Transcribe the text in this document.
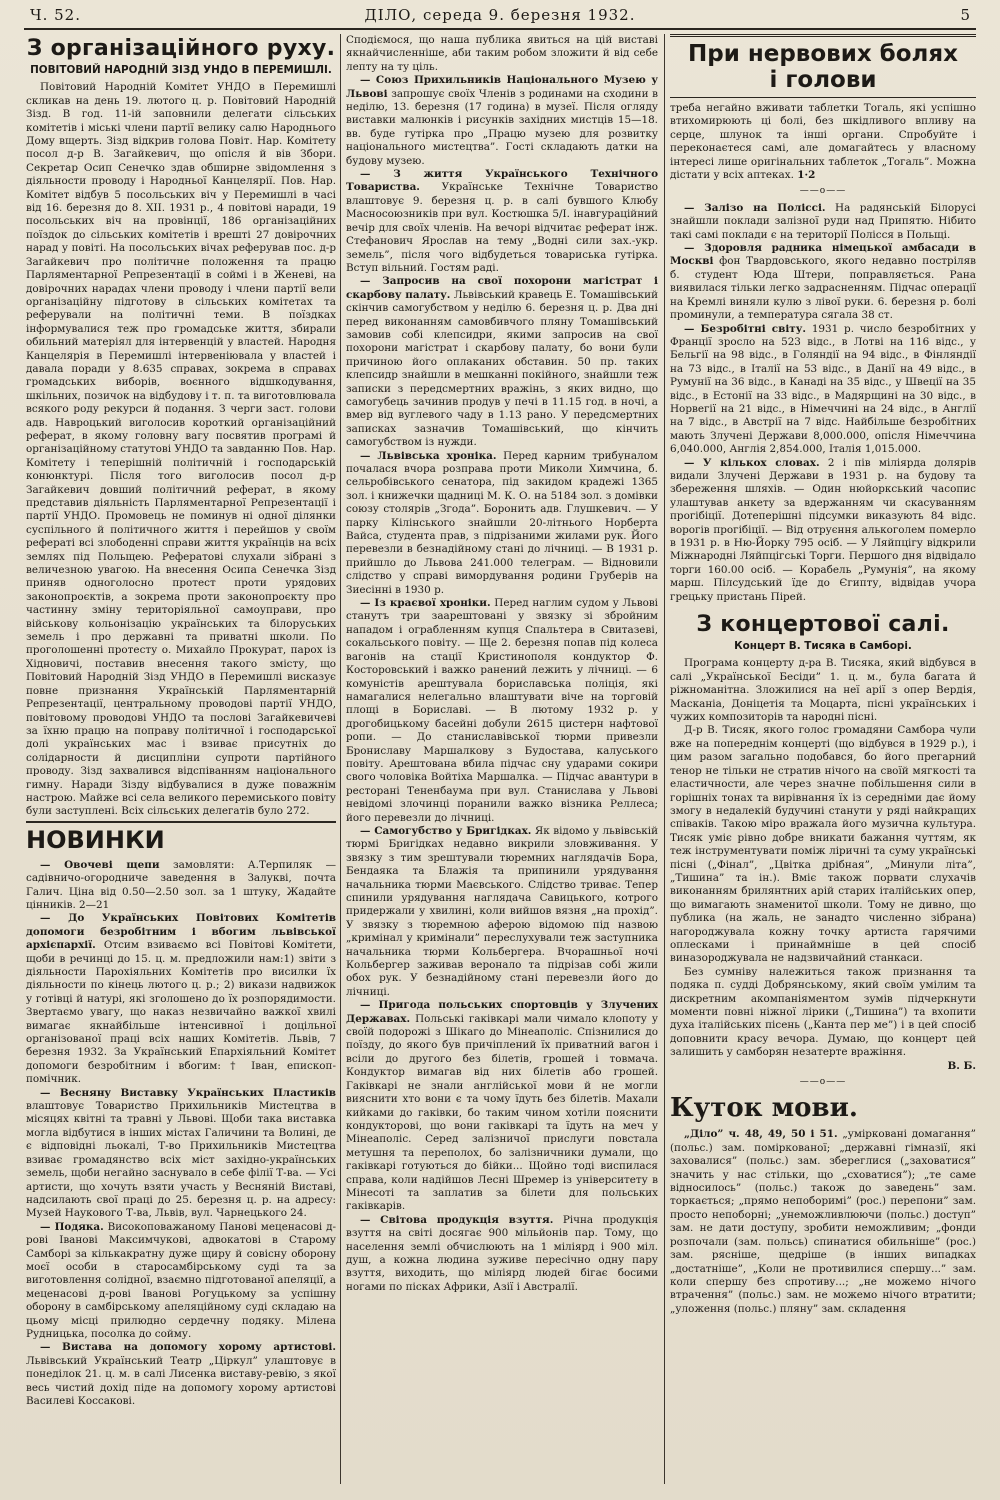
Ч. 52.	ДІЛО, середа 9. березня 1932.	5
З організаційного руху.
ПОВІТОВИЙ НАРОДНІЙ ЗІЗД УНДО В ПЕРЕМИШЛІ.

Повітовий Народній Комітет УНДО в Перемишлі скликав на день 19. лютого ц. р. Повітовий Народній Зізд. В год. 11-ій заповнили делегати сільських комітетів і міські члени партії велику салю Народнього Дому вщерть. Зізд відкрив голова Повіт. Нар. Комітету посол д-р В. Загайкевич, що опісля й вів Збори. Секретар Осип Сенечко здав обширне звідомлення з діяльности проводу і Народньої Канцелярії. Пов. Нар. Комітет відбув 5 посольських віч у Перемишлі в часі від 16. березня до 8. XII. 1931 р., 4 повітові наради, 19 посольських віч на провінції, 186 організаційних поїздок до сільських комітетів і врешті 27 довірочних нарад у повіті. На посольських вічах реферував пос. д-р Загайкевич про політичне положення та працю Парляментарної Репрезентації в соймі і в Женеві, на довірочних нарадах члени проводу і члени партії вели організаційну підготову в сільських комітетах та реферували на політичні теми. В поїздках інформувалися теж про громадське життя, збирали обильний матеріял для інтервенцій у властей. Народня Канцелярія в Перемишлі інтервеніювала у властей і давала поради у 8.635 справах, зокрема в справах громадських виборів, воєнного відшкодування, шкільних, позичок на відбудову і т. п. та виготовлювала всякого роду рекурси й подання. З черги заст. голови адв. Навроцький виголосив короткий організаційний реферат, в якому головну вагу посвятив програмі й організаційному статутові УНДО та завданню Пов. Нар. Комітету і теперішній політичній і господарській конюнктурі. Після того виголосив посол д-р Загайкевич довший політичний реферат, в якому представив діяльність Парляментарної Репрезентації і партії УНДО. Промовець не поминув ні одної ділянки суспільного й політичного життя і перейшов у своїм рефераті всі злободенні справи життя українців на всіх землях під Польщею. Рефератові слухали зібрані з величезною увагою. На внесення Осипа Сенечка Зізд приняв одноголосно протест проти урядових законопроєктів, а зокрема проти законопроєкту про частинну зміну територіяльної самоуправи, про військову кольонізацію українських та білоруських земель і про державні та приватні школи. По проголошенні протесту о. Михайло Прокурат, парох із Хідновичі, поставив внесення такого змісту, що Повітовий Народній Зізд УНДО в Перемишлі висказує повне признання Українській Парляментарній Репрезентації, центральному проводові партії УНДО, повітовому проводові УНДО та послові Загайкевичеві за їхню працю на поправу політичної і господарської долі українських мас і взиває присутніх до солідарности й дисципліни супроти партійного проводу. Зізд захвалився відспіванням національного гимну. Наради Зізду відбувалися в дуже поважнім настрою. Майже всі села великого перемиського повіту були заступлені. Всіх сільських делегатів було 272.

НОВИНКИ

— Овочеві щепи замовляти: А.Терпиляк — садівничо-огородниче заведення в Залукві, почта Галич. Ціна від 0.50—2.50 зол. за 1 штуку, Жадайте цінників. 2—21

— До Українських Повітових Комітетів допомоги безробітним і вбогим львівської архієпархії. Отсим взиваємо всі Повітові Комітети, щоби в речинці до 15. ц. м. предложили нам:1) звіти з діяльности Парохіяльних Комітетів про висилки їх діяльности по кінець лютого ц. р.; 2) викази надвижок у готівці й натурі, які зголошено до їх розпорядимости. Звертаємо увагу, що наказ незвичайно важкої хвилі вимагає якнайбільше інтенсивної і доцільної організованої праці всіх наших Комітетів. Львів, 7 березня 1932. За Український Епархіяльний Комітет допомоги безробітним і вбогим: † Іван, епископ-помічник.

— Весняну Виставку Українських Пластиків влаштовує Товариство Прихильників Мистецтва в місяцях квітні та травні у Львові. Щоби така виставка могла відбутися в інших містах Галичини та Волині, де є відповідні льокалі, Т-во Прихильників Мистецтва взиває громадянство всіх міст західно-українських земель, щоби негайно заснувало в себе філії Т-ва. — Усі артисти, що хочуть взяти участь у Весняній Виставі, надсилають свої праці до 25. березня ц. р. на адресу: Музей Наукового Т-ва, Львів, вул. Чарнецького 24.

— Подяка. Високоповажаному Панові меценасові д-рові Іванові Максимчукові, адвокатові в Старому Самборі за кількакратну дуже щиру й совісну оборону моєї особи в старосамбірському суді та за виготовлення солідної, взаємно підготованої апеляції, а меценасові д-рові Іванові Рогуцькому за успішну оборону в самбірському апеляційному суді складаю на цьому місці прилюдно сердечну подяку. Мілена Рудницька, посолка до сойму.

— Вистава на допомогу хорому артистові. Львівський Український Театр „Ціркул” улаштовує в понеділок 21. ц. м. в салі Лисенка виставу-ревію, з якої весь чистий дохід піде на допомогу хорому артистові Василеві Коссаковi.

Сподіємося, що наша публика явиться на цій виставі якнайчисленніше, аби таким робом зложити й від себе лепту на ту ціль.

— Союз Прихильників Національного Музею у Львові запрошує своїх Членів з родинами на сходини в неділю, 13. березня (17 година) в музеї. Після огляду виставки малюнків і рисунків західних мистців 15—18. вв. буде гутірка про „Працю музею для розвитку національного мистецтва”. Гості складають датки на будову музею.

— З життя Українського Технічного Товариства. Українське Технічне Товариство влаштовує 9. березня ц. р. в салі бувшого Клюбу Масносоюзників при вул. Костюшка 5/І. інавгураційний вечір для своїх членів. На вечорі відчитає реферат інж. Стефанович Ярослав на тему „Водні сили зах.-укр. земель”, після чого відбудеться товариська гутірка. Вступ вільний. Гостям раді.

— Запросив на свої похорони магістрат і скарбову палату. Львівський кравець Е. Томашівський скінчив самогубством у неділю 6. березня ц. р. Два дні перед виконанням самовбивчого пляну Томашівський замовив собі клепсидри, якими запросив на свої похорони магістрат і скарбову палату, бо вони були причиною його оплаканих обставин. 50 пр. таких клепсидр знайшли в мешканні покійного, знайшли теж записки з передсмертних вражінь, з яких видно, що самогубець зачинив продув у печі в 11.15 год. в ночі, а вмер від вуглевого чаду в 1.13 рано. У передсмертних записках зазначив Томашівський, що кінчить самогубством із нужди.

— Львівська хроніка. Перед карним трибуналом почалася вчора розправа проти Миколи Химчина, б. сельробівського сенатора, під закидом крадежі 1365 зол. і книжечки щадниці М. К. О. на 5184 зол. з домівки союзу столярів „Згода”. Боронить адв. Глушкевич. — У парку Кілінського знайшли 20-літнього Норберта Вайса, студента прав, з підрізаними жилами рук. Його перевезли в безнадійному стані до лічниці. — В 1931 р. прийшло до Львова 241.000 телеграм. — Відновили слідство у справі вимордування родини Груберів на Зиесінні в 1930 р.

— Із краєвої хроніки. Перед наглим судом у Львові станутъ три заарештовані у звязку зі збройним нападом і ограбленням купця Спальтера в Свитазеві, сокальського повіту. — Ще 2. березня попав під колеса вагонів на стації Кристинополя кондуктор Ф. Косторовський і важко ранений лежить у лічниці. — 6 комуністів арештувала бориславська поліція, які намагалися нелегально влаштувати віче на торговій площі в Бориславі. — В лютому 1932 р. у дрогобицькому басейні добули 2615 цистерн нафтової ропи. — До станиславівської тюрми привезли Брониславу Маршалкову з Будостава, калуського повіту. Арештована вбила підчас сну ударами сокири свого чоловіка Войтіха Маршалка. — Підчас авантури в ресторані Тененбаума при вул. Станислава у Львові невідомі злочинці поранили важко візника Реллеса; його перевезли до лічниці.

— Самогубство у Бригідках. Як відомо у львівській тюрмі Бригідках недавно викрили зловживання. У звязку з тим зрештували тюремних наглядачів Бора, Бендаяка та Блажія та припинили урядування начальника тюрми Маєвського. Слідство триває. Тепер спинили урядування наглядача Савицького, котрого придержали у хвилині, коли вийшов вязня „на прохід”. У звязку з тюремною аферою відомою під назвою „кримінал у кримінали” переслухували теж заступника начальника тюрми Кольбергера. Вчорашньої ночі Кольбергер заживав веронало та підрізав собі жили обох рук. У безнадійному стані перевезли його до лічниці.

— Пригода польських спортовців у Злучених Державах. Польські гаківкарі мали чимало клопоту у своїй подорожі з Шікаго до Мінеаполіс. Спізнилися до поїзду, до якого був причіплений їх приватний вагон і всіли до другого без білетів, грошей і товмача. Кондуктор вимагав від них білетів або грошей. Гаківкарі не знали англійської мови й не могли вияснити хто вони є та чому їдуть без білетів. Махали кийками до гаківки, бо таким чином хотіли пояснити кондукторові, що вони гаківкарі та їдуть на меч у Мінеаполіс. Серед залізничої прислуги повстала метушня та переполох, бо залізничники думали, що гаківкарі готуються до бійки... Щойно тоді виспилася справа, коли надійшов Лесні Шремер із університету в Мінесоті та заплатив за білети для польських гаківкарів.

— Світова продукція взуття. Річна продукція взуття на світі досягає 900 мільйонів пар. Тому, що населення землі обчислюють на 1 міліярд і 900 міл. душ, а кожна людина зуживе пересічно одну пару взуття, виходить, що міліярд людей бігає босими ногами по пісках Африки, Азії і Австралії.

При нервових болях
і голови

треба негайно вживати таблетки Тогаль, які успішно втихомирюють ці болі, без шкідливого впливу на серце, шлунок та інші органи. Спробуйте і переконаєтеся самі, але домагайтесь у власному інтересі лише оригінальних таблеток „Тогаль”. Можна дістати у всіх аптеках. 1·2

——o——

— Залізо на Поліссі. На радянській Білорусі знайшли поклади залізної руди над Припятю. Нібито такі самі поклади є на території Полісся в Польщі.

— Здоровля радника німецької амбасади в Москві фон Твардовського, якого недавно постріляв б. студент Юда Штери, поправляється. Рана виявилася тільки легко задрасненням. Підчас операції на Кремлі виняли кулю з лівої руки. 6. березня р. болі проминули, а температура сягала 38 ст.

— Безробітні світу. 1931 р. число безробітних у Франції зросло на 523 відс., в Лотві на 116 відс., у Бельгії на 98 відс., в Голяндії на 94 відс., в Фінляндії на 73 відс., в Італії на 53 відс., в Данії на 49 відс., в Румунії на 36 відс., в Канаді на 35 відс., у Швеції на 35 відс., в Естонії на 33 відс., в Мадярщині на 30 відс., в Норвегії на 21 відс., в Німеччині на 24 відс., в Англії на 7 відс., в Австрії на 7 відс. Найбільше безробітних мають Злучені Держави 8,000.000, опісля Німеччина 6,040.000, Англія 2,854.000, Італія 1,015.000.

— У кількох словах. 2 і пів міліярда долярів видали Злучені Держави в 1931 р. на будову та збереження шляхів. — Один нюйоркський часопис улаштував анкету за вдержанням чи скасуванням прогібіції. Дотеперішні підсумки виказують 84 відс. ворогів прогібіції. — Від отруєння алькоголем померло в 1931 р. в Ню-Йорку 795 осіб. — У Ляйпцігу відкрили Міжнародні Ляйпцігські Торги. Першого дня відвідало торги 160.00 осіб. — Корабель „Румунія”, на якому марш. Пілсудський їде до Єгипту, відвідав учора грецьку пристань Пірей.

З концертової салі.
Концерт В. Тисяка в Самборі.

Програма концерту д-ра В. Тисяка, який відбувся в салі „Української Бесіди” 1. ц. м., була багата й ріжноманітна. Зложилися на неї арії з опер Вердія, Масканіа, Доніцетія та Моцарта, пісні українських і чужих композиторів та народні пісні.

Д-р В. Тисяк, якого голос громадяни Самбора чули вже на попереднім концерті (що відбувся в 1929 р.), і цим разом загально подобався, бо його прегарний тенор не тільки не стратив нічого на своїй мягкості та еластичности, але через значне побільшення сили в горішніх тонах та вирівнання їх із середніми дає йому змогу в недалекій будучині станути у ряді найкращих співаків. Такою міро вражала його музична культура. Тисяк уміє рівно добре вникати бажання чуттям, як теж інструментувати поміж ліричні та суму українські пісні („Фінал”, „Цвітка дрібная”, „Минули літа”, „Тишина” та ін.). Вміє також порвати слухачів виконанням брилянтних арій старих італійських опер, що вимагають знаменитої школи. Тому не дивно, що публика (на жаль, не занадто численно зібрана) нагороджувала кожну точку артиста гарячими оплесками і принаймніше в цей спосіб виназороджувала не надзвичайний станкаси.

Без сумніву належиться також признання та подяка п. судді Добрянському, який своїм умілим та дискретним акомпаніяментом зумів підчеркнути моменти повні ніжної лірики („Тишина”) та вхопити духа італійських пісень („Канта пер ме”) і в цей спосіб доповнити красу вечора. Думаю, що концерт цей залишить у самборян незатерте вражіння.

В. Б.
——o——
Куток мови.

„Діло” ч. 48, 49, 50 і 51. „умірковані домагання” (польс.) зам. поміркованої; „державні гімназії, які заховалися” (польс.) зам. зберeглися („заховатися” значить у нас стільки, що „сховатися”); „те саме відносилось” (польс.) також до заведень” зам. торкається; „прямо непоборимі” (рос.) перепони” зам. просто непоборні; „унеможливлюючи (польс.) доступ” зам. не дати доступу, зробити неможливим; „фонди розпочали (зам. польсь) спинатися обильніше” (рос.) зам. рясніше, щедріше (в інших випадках „достатніше”, „Коли не противилися спершу...” зам. коли спершу без спротиву...; „не можемо нічого втрачення” (польс.) зам. не можемо нічого втратити; „уложення (польс.) пляну” зам. складення
